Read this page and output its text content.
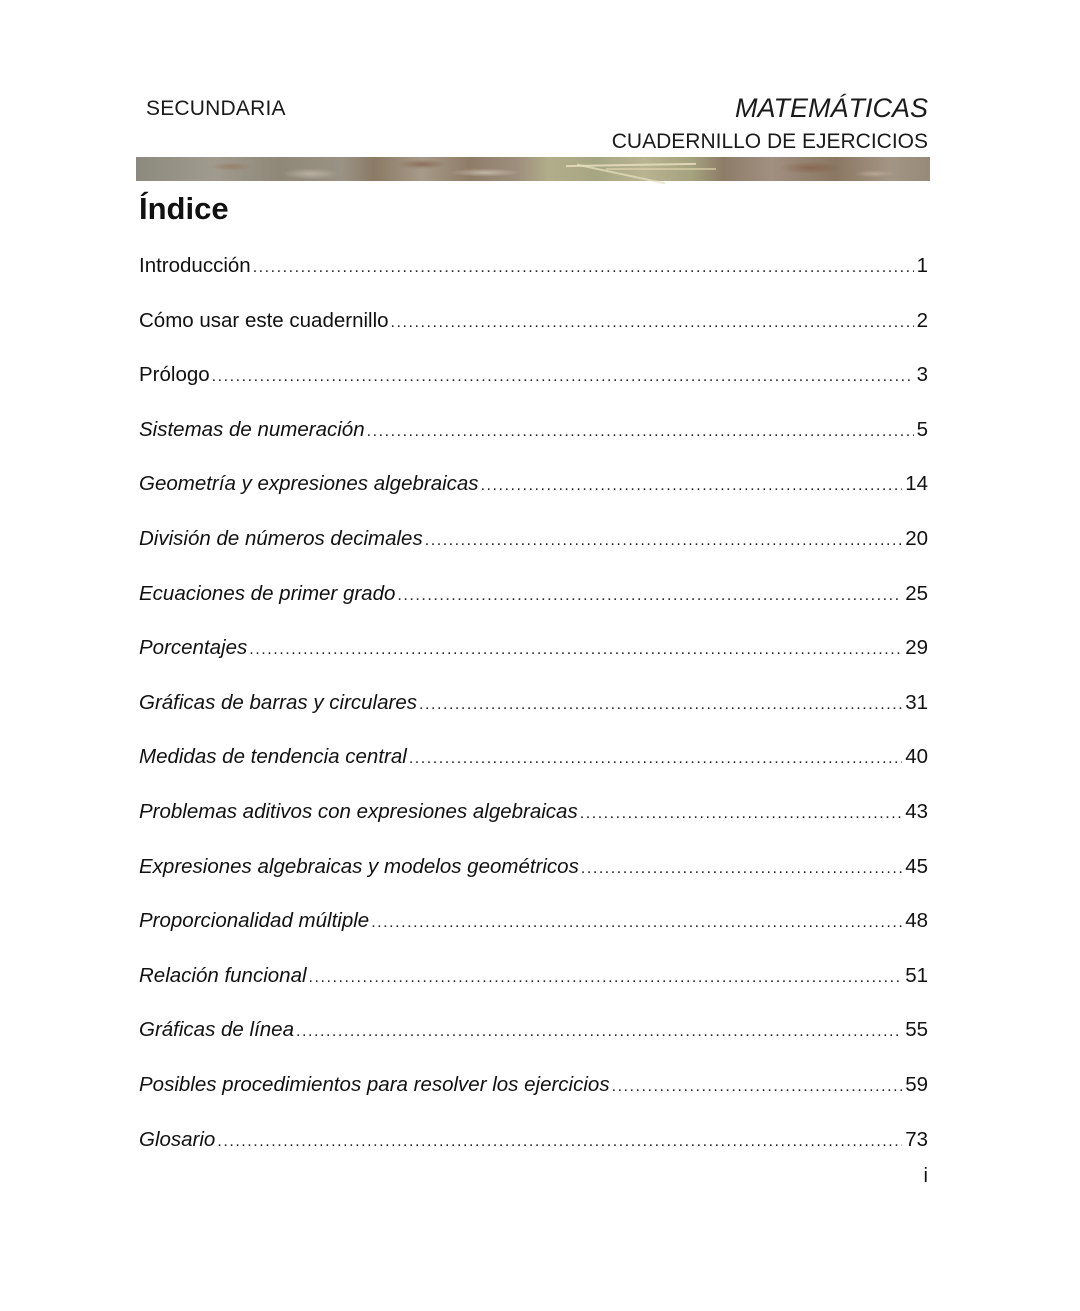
SECUNDARIA	MATEMÁTICAS
CUADERNILLO DE EJERCICIOS
Índice
Introducción . . .	1
Cómo usar este cuadernillo . . .	2
Prólogo . . .	3
Sistemas de numeración . . .	5
Geometría y expresiones algebraicas . . .	14
División de números decimales . . .	20
Ecuaciones de primer grado . . .	25
Porcentajes . . .	29
Gráficas de barras y circulares . . .	31
Medidas de tendencia central . . .	40
Problemas aditivos con expresiones algebraicas . . .	43
Expresiones algebraicas y modelos geométricos . . .	45
Proporcionalidad múltiple . . .	48
Relación funcional . . .	51
Gráficas de línea . . .	55
Posibles procedimientos para resolver los ejercicios . . .	59
Glosario . . .	73
i
